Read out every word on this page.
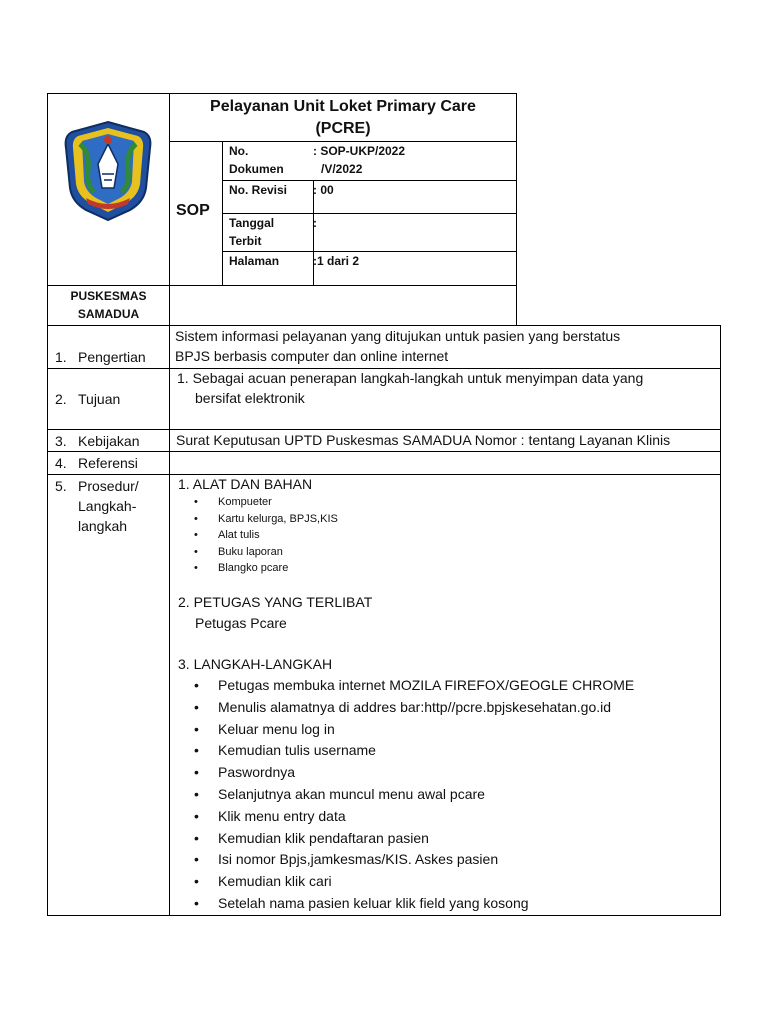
Pelayanan Unit Loket Primary Care
(PCRE)
SOP
No.
Dokumen
: SOP-UKP/2022
/V/2022
No. Revisi : 00
Tanggal
Terbit
:
Halaman	:1 dari 2
PUSKESMAS
SAMADUA
1. Pengertian
Sistem informasi pelayanan yang ditujukan untuk pasien yang berstatus
BPJS berbasis computer dan online internet
2. Tujuan
1. Sebagai acuan penerapan langkah-langkah untuk menyimpan data yang
bersifat elektronik
3. Kebijakan	Surat Keputusan UPTD Puskesmas SAMADUA Nomor : tentang Layanan Klinis
4. Referensi
5. Prosedur/
Langkah-
langkah
1. ALAT DAN BAHAN
• Kompueter
• Kartu kelurga, BPJS,KIS
• Alat tulis
• Buku laporan
• Blangko pcare
2. PETUGAS YANG TERLIBAT
Petugas Pcare
3. LANGKAH-LANGKAH
• Petugas membuka internet MOZILA FIREFOX/GEOGLE CHROME
• Menulis alamatnya di addres bar:http//pcre.bpjskesehatan.go.id
• Keluar menu log in
• Kemudian tulis username
• Paswordnya
• Selanjutnya akan muncul menu awal pcare
• Klik menu entry data
• Kemudian klik pendaftaran pasien
• Isi nomor Bpjs,jamkesmas/KIS. Askes pasien
• Kemudian klik cari
• Setelah nama pasien keluar klik field yang kosong
